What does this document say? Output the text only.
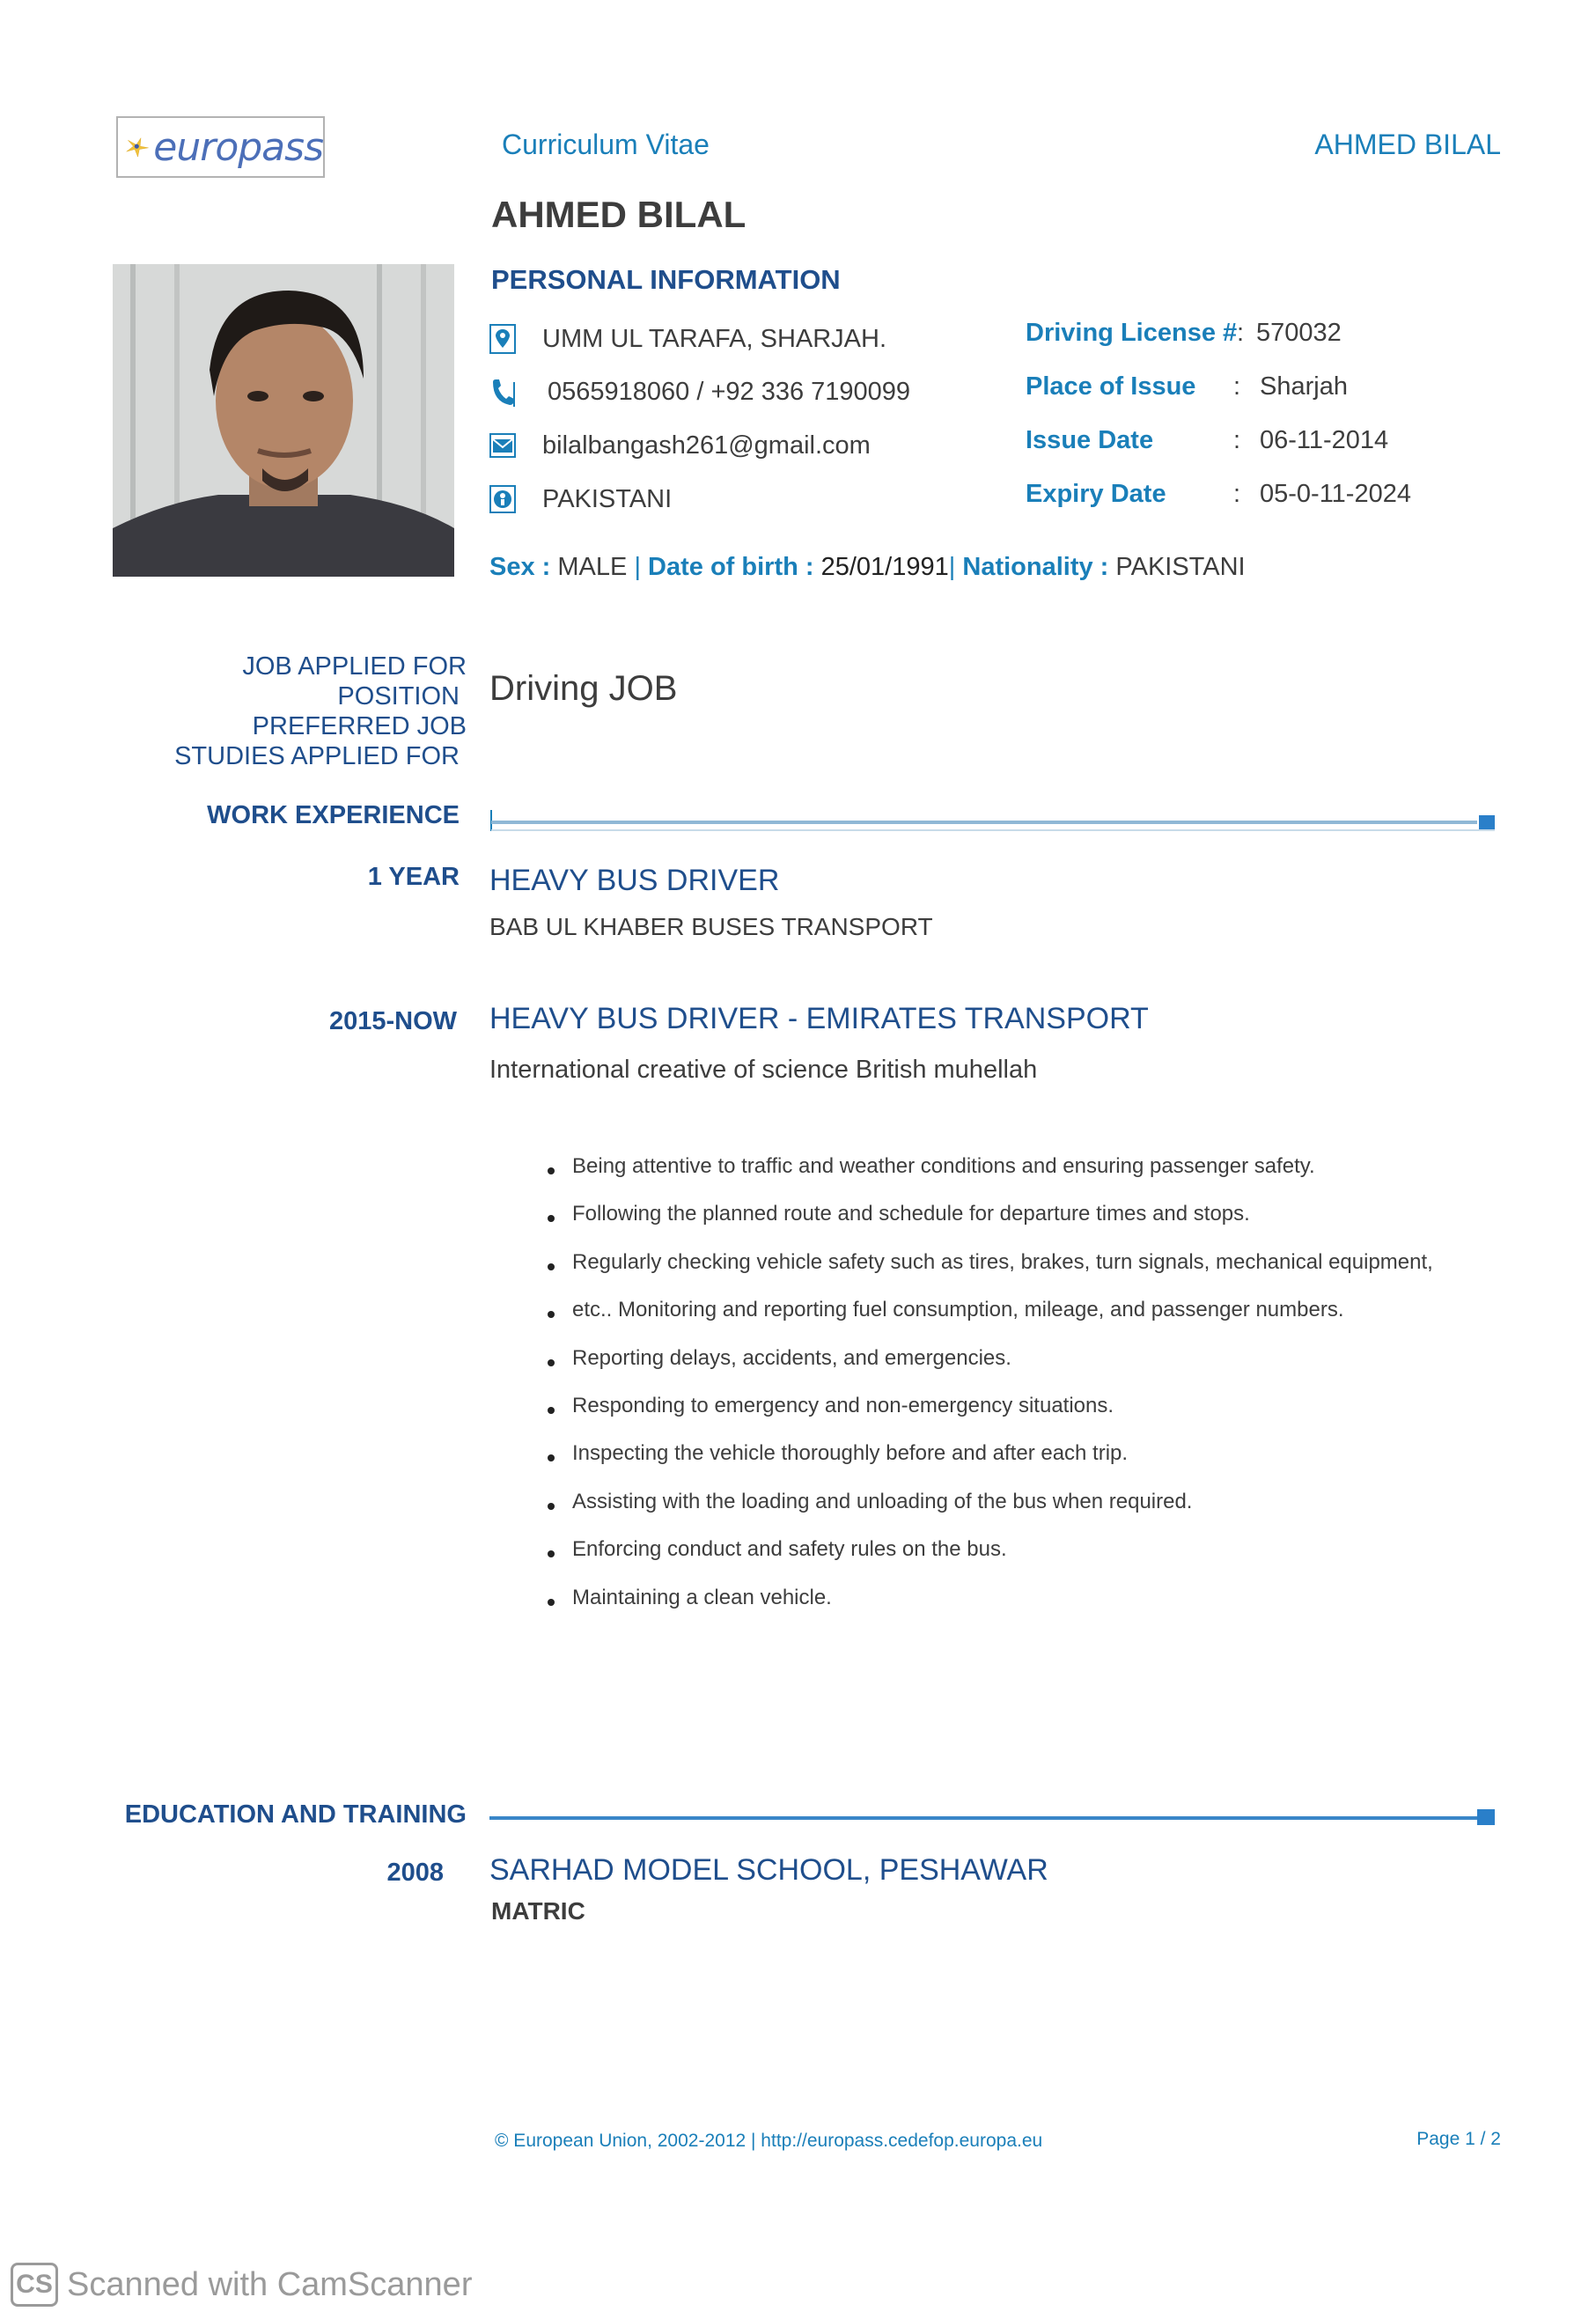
europass	Curriculum Vitae	AHMED BILAL
AHMED BILAL
PERSONAL INFORMATION
UMM UL TARAFA, SHARJAH.
0565918060 / +92 336 7190099
bilalbangash261@gmail.com
PAKISTANI
Driving License #: 570032
Place of Issue : Sharjah
Issue Date	: 06-11-2014
Expiry Date	: 05-0-11-2024
Sex : MALE | Date of birth : 25/01/1991| Nationality : PAKISTANI
JOB APPLIED FOR
POSITION
PREFERRED JOB
STUDIES APPLIED FOR
Driving JOB
WORK EXPERIENCE
1 YEAR HEAVY BUS DRIVER
BAB UL KHABER BUSES TRANSPORT
2015-NOW HEAVY BUS DRIVER - EMIRATES TRANSPORT
International creative of science British muhellah
Being attentive to traffic and weather conditions and ensuring passenger safety.
Following the planned route and schedule for departure times and stops.
Regularly checking vehicle safety such as tires, brakes, turn signals, mechanical equipment,
etc.. Monitoring and reporting fuel consumption, mileage, and passenger numbers.
Reporting delays, accidents, and emergencies.
Responding to emergency and non-emergency situations.
Inspecting the vehicle thoroughly before and after each trip.
Assisting with the loading and unloading of the bus when required.
Enforcing conduct and safety rules on the bus.
Maintaining a clean vehicle.
EDUCATION AND TRAINING
2008 SARHAD MODEL SCHOOL, PESHAWAR
MATRIC
© European Union, 2002-2012 | http://europass.cedefop.europa.eu	Page 1 / 2
CS Scanned with CamScanner
